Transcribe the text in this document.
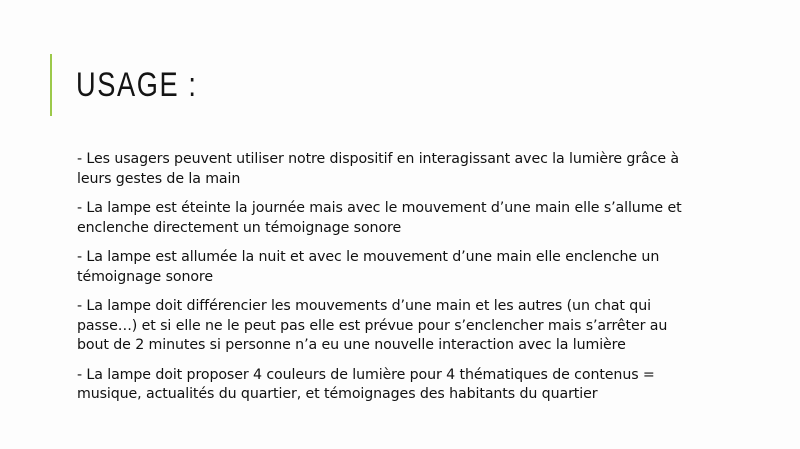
USAGE :

- Les usagers peuvent utiliser notre dispositif en interagissant avec la lumière grâce à
leurs gestes de la main

- La lampe est éteinte la journée mais avec le mouvement d’une main elle s’allume et
enclenche directement un témoignage sonore

- La lampe est allumée la nuit et avec le mouvement d’une main elle enclenche un
témoignage sonore

- La lampe doit différencier les mouvements d’une main et les autres (un chat qui
passe…) et si elle ne le peut pas elle est prévue pour s’enclencher mais s’arrêter au
bout de 2 minutes si personne n’a eu une nouvelle interaction avec la lumière

- La lampe doit proposer 4 couleurs de lumière pour 4 thématiques de contenus =
musique, actualités du quartier, et témoignages des habitants du quartier
